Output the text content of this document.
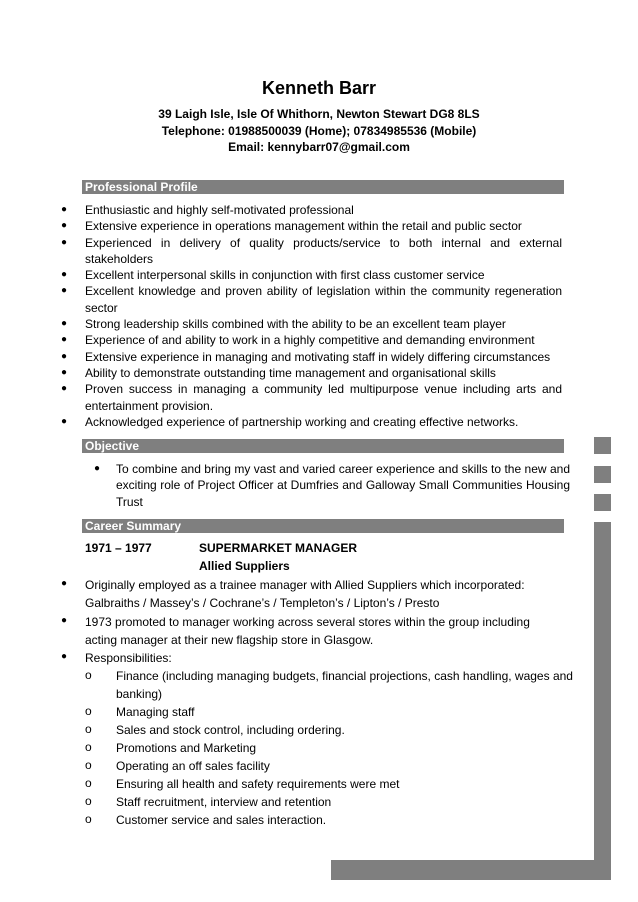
Kenneth Barr
39 Laigh Isle, Isle Of Whithorn, Newton Stewart DG8 8LS
Telephone: 01988500039 (Home); 07834985536 (Mobile)
Email: kennybarr07@gmail.com
Professional Profile
● Enthusiastic and highly self-motivated professional
● Extensive experience in operations management within the retail and public sector
● Experienced in delivery of quality products/service to both internal and external stakeholders
● Excellent interpersonal skills in conjunction with first class customer service
● Excellent knowledge and proven ability of legislation within the community regeneration sector
● Strong leadership skills combined with the ability to be an excellent team player
● Experience of and ability to work in a highly competitive and demanding environment
● Extensive experience in managing and motivating staff in widely differing circumstances
● Ability to demonstrate outstanding time management and organisational skills
● Proven success in managing a community led multipurpose venue including arts and entertainment provision.
● Acknowledged experience of partnership working and creating effective networks.
Objective
● To combine and bring my vast and varied career experience and skills to the new and exciting role of Project Officer at Dumfries and Galloway Small Communities Housing Trust
Career Summary
1971 – 1977	SUPERMARKET MANAGER
Allied Suppliers
● Originally employed as a trainee manager with Allied Suppliers which incorporated:
Galbraiths / Massey’s / Cochrane’s / Templeton’s / Lipton’s / Presto
● 1973 promoted to manager working across several stores within the group including
acting manager at their new flagship store in Glasgow.
● Responsibilities:
o Finance (including managing budgets, financial projections, cash handling, wages and
banking)
o Managing staff
o Sales and stock control, including ordering.
o Promotions and Marketing
o Operating an off sales facility
o Ensuring all health and safety requirements were met
o Staff recruitment, interview and retention
o Customer service and sales interaction.
